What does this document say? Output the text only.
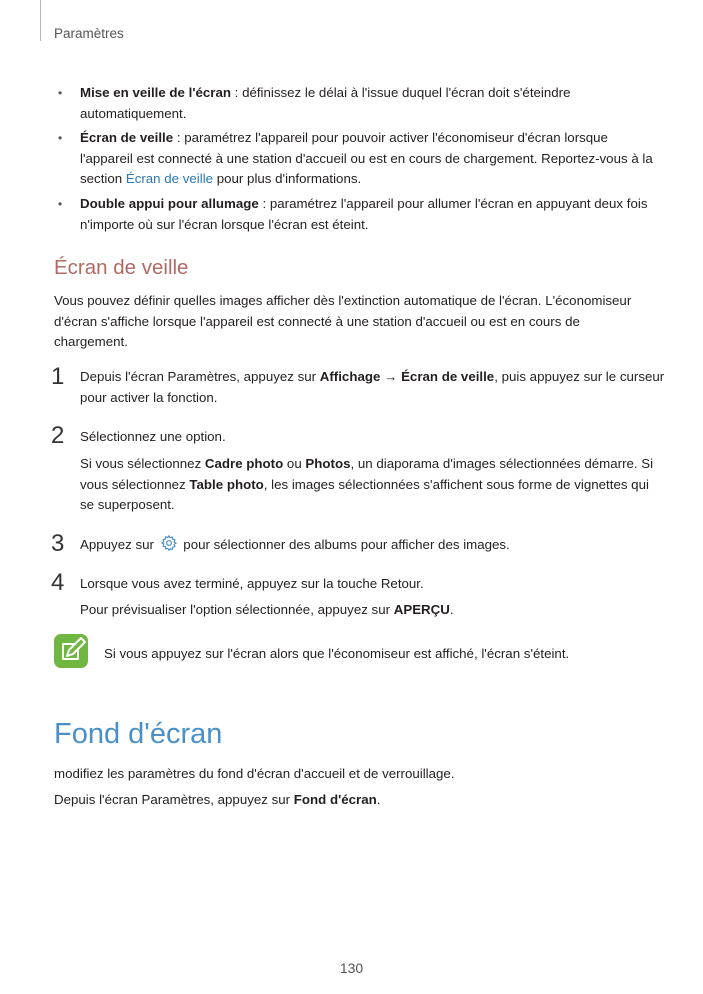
Paramètres
• Mise en veille de l'écran : définissez le délai à l'issue duquel l'écran doit s'éteindre
automatiquement.

• Écran de veille : paramétrez l'appareil pour pouvoir activer l'économiseur d'écran lorsque
l'appareil est connecté à une station d'accueil ou est en cours de chargement. Reportez-vous à la
section Écran de veille pour plus d'informations.

• Double appui pour allumage : paramétrez l'appareil pour allumer l'écran en appuyant deux fois
n'importe où sur l'écran lorsque l'écran est éteint.

Écran de veille

Vous pouvez définir quelles images afficher dès l'extinction automatique de l'écran. L'économiseur
d'écran s'affiche lorsque l'appareil est connecté à une station d'accueil ou est en cours de
chargement.

1 Depuis l'écran Paramètres, appuyez sur Affichage → Écran de veille, puis appuyez sur le curseur
pour activer la fonction.

2 Sélectionnez une option.

Si vous sélectionnez Cadre photo ou Photos, un diaporama d'images sélectionnées démarre. Si
vous sélectionnez Table photo, les images sélectionnées s'affichent sous forme de vignettes qui
se superposent.

3 Appuyez sur  pour sélectionner des albums pour afficher des images.

4 Lorsque vous avez terminé, appuyez sur la touche Retour.

Pour prévisualiser l'option sélectionnée, appuyez sur APERÇU.

Si vous appuyez sur l'écran alors que l'économiseur est affiché, l'écran s'éteint.

Fond d'écran

modifiez les paramètres du fond d'écran d'accueil et de verrouillage.

Depuis l'écran Paramètres, appuyez sur Fond d'écran.

130
